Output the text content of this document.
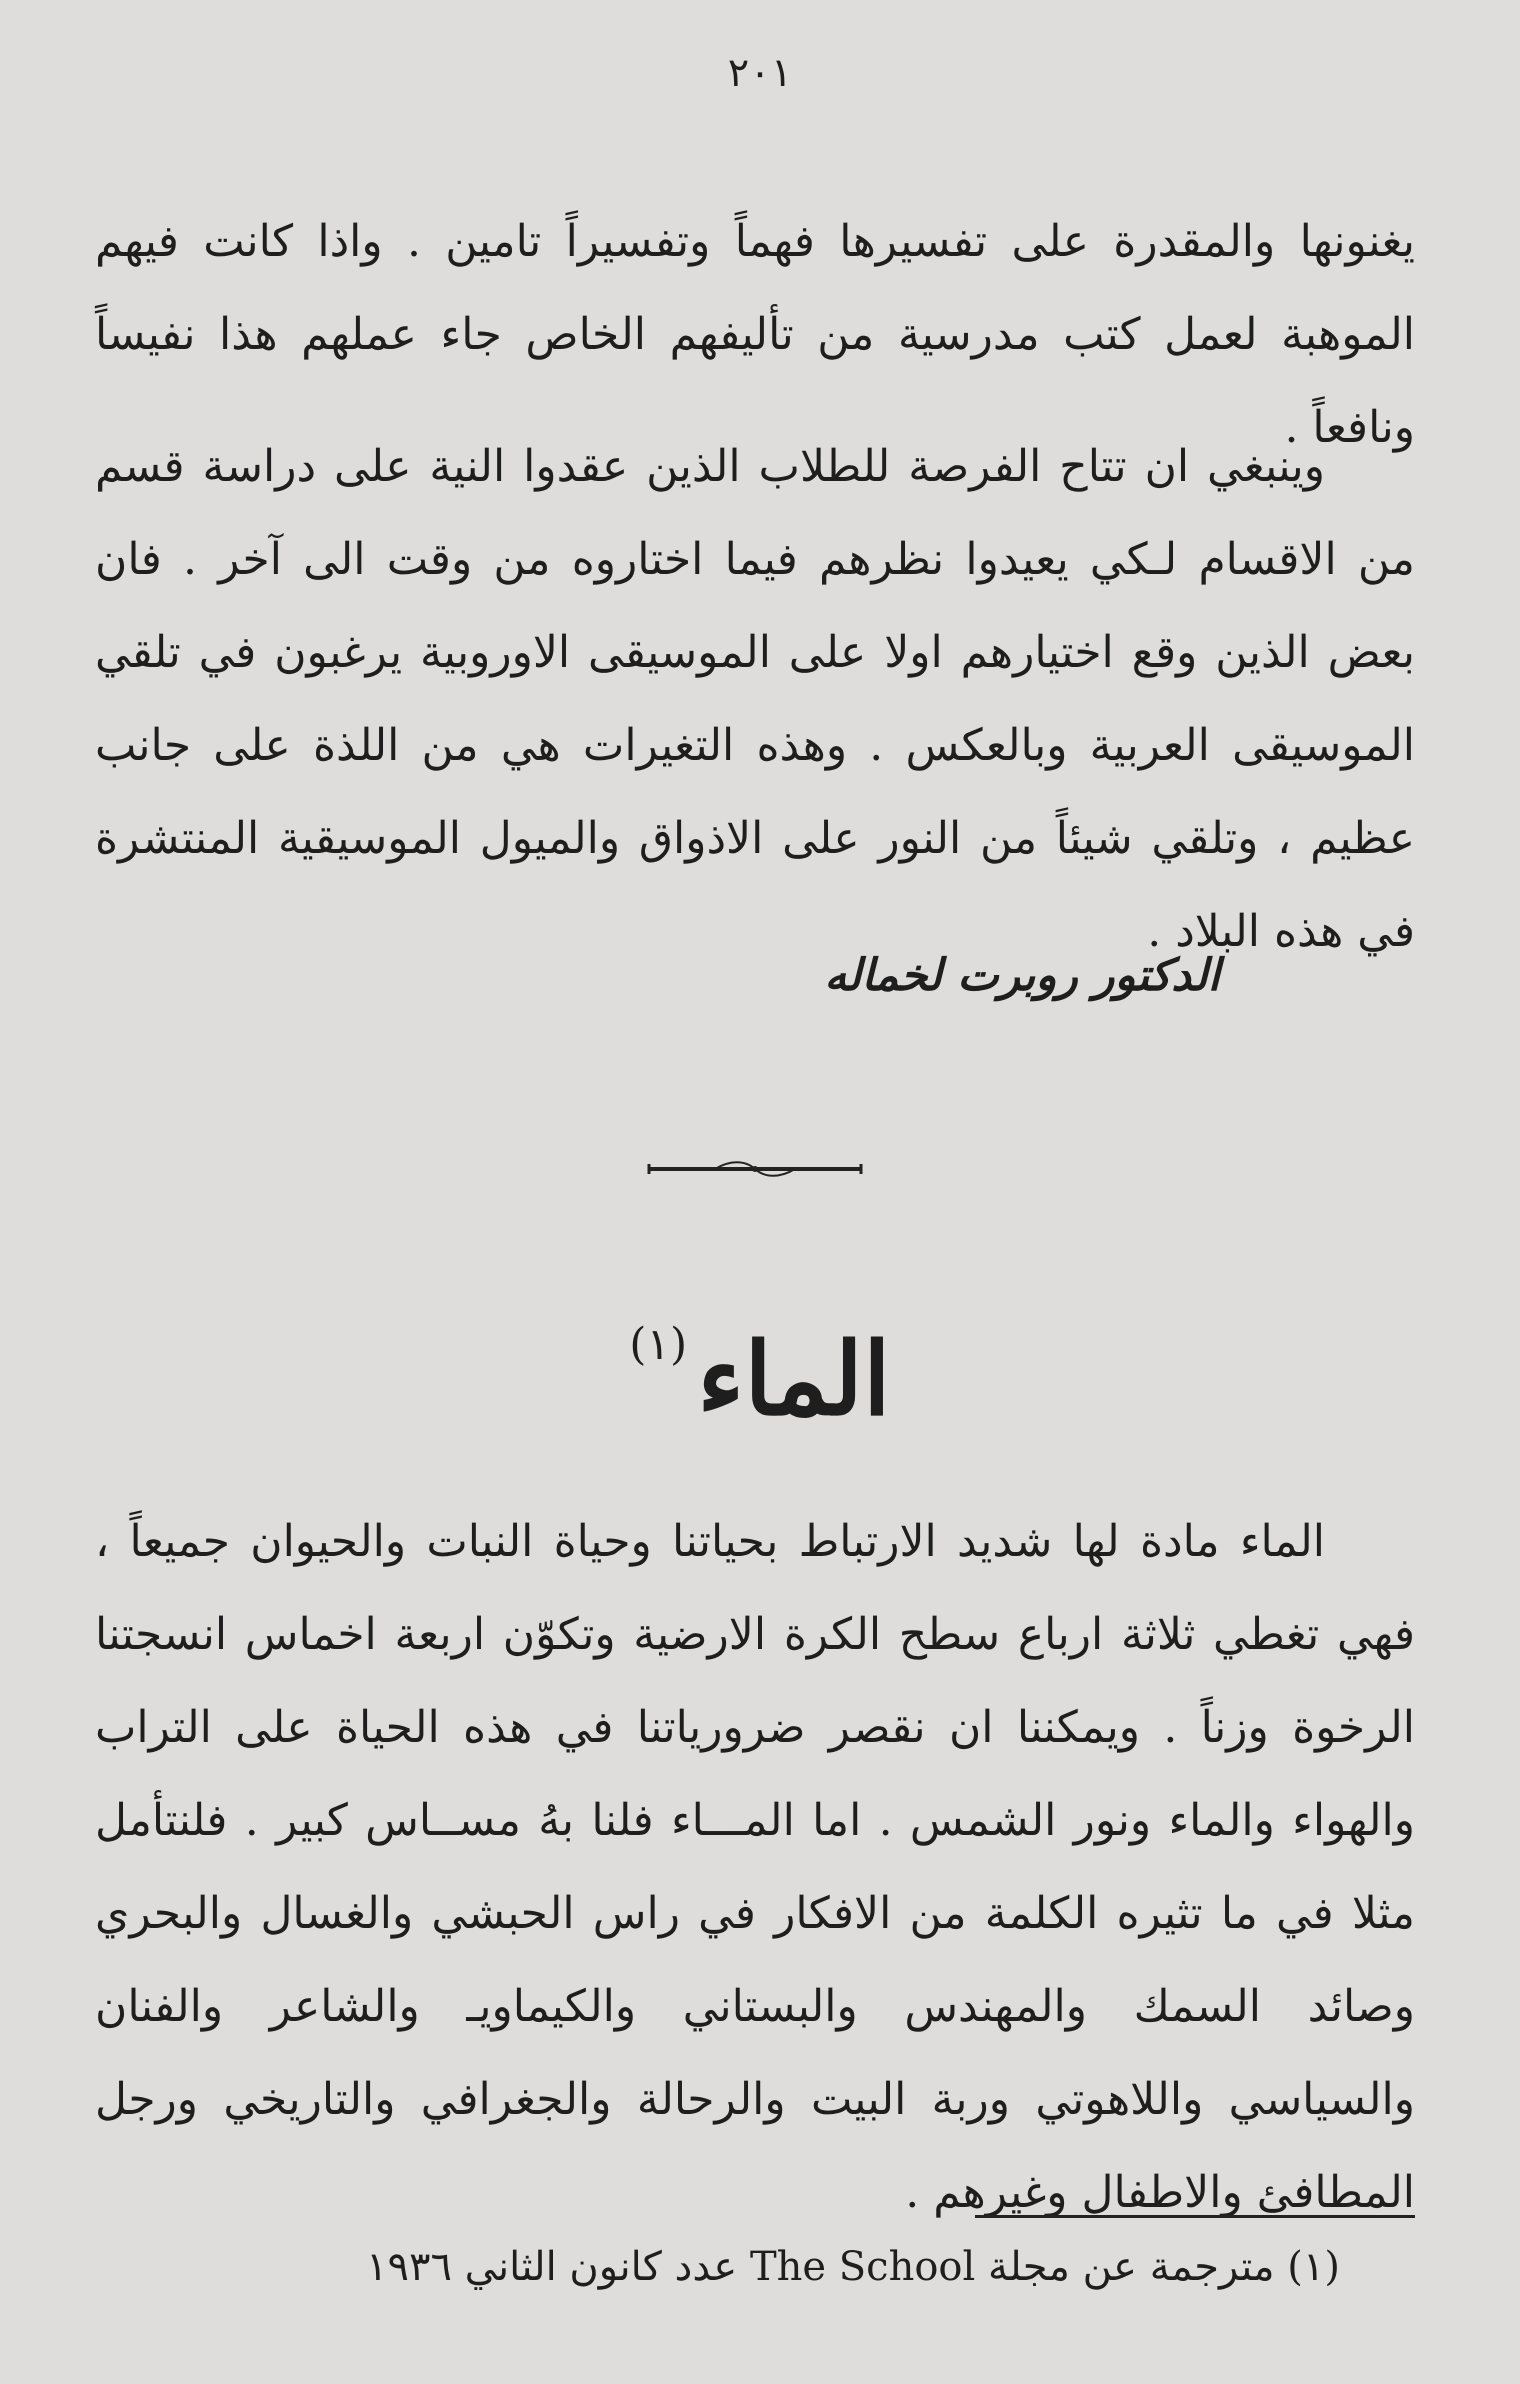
٢٠١

يغنونها والمقدرة على تفسيرها فهماً وتفسيراً تامين . واذا كانت فيهم الموهبة لعمل كتب مدرسية من تأليفهم الخاص جاء عملهم هذا نفيساً ونافعاً .

وينبغي ان تتاح الفرصة للطلاب الذين عقدوا النية على دراسة قسم من الاقسام لـكي يعيدوا نظرهم فيما اختاروه من وقت الى آخر . فان بعض الذين وقع اختيارهم اولا على الموسيقى الاوروبية يرغبون في تلقي الموسيقى العربية وبالعكس . وهذه التغيرات هي من اللذة على جانب عظيم ، وتلقي شيئاً من النور على الاذواق والميول الموسيقية المنتشرة في هذه البلاد .

الدكتور روبرت لخماله
الماء$^{(١)}$

الماء مادة لها شديد الارتباط بحياتنا وحياة النبات والحيوان جميعاً ، فهي تغطي ثلاثة ارباع سطح الكرة الارضية وتكوّن اربعة اخماس انسجتنا الرخوة وزناً . ويمكننا ان نقصر ضرورياتنا في هذه الحياة على التراب والهواء والماء ونور الشمس . اما المـــاء فلنا بهُ مســاس كبير . فلنتأمل مثلا في ما تثيره الكلمة من الافكار في راس الحبشي والغسال والبحري وصائد السمك والمهندس والبستاني والكيماويـ والشاعر والفنان والسياسي واللاهوتي وربة البيت والرحالة والجغرافي والتاريخي ورجل المطافئ والاطفال وغيرهم .

(١) مترجمة عن مجلة The School عدد كانون الثاني ١٩٣٦
